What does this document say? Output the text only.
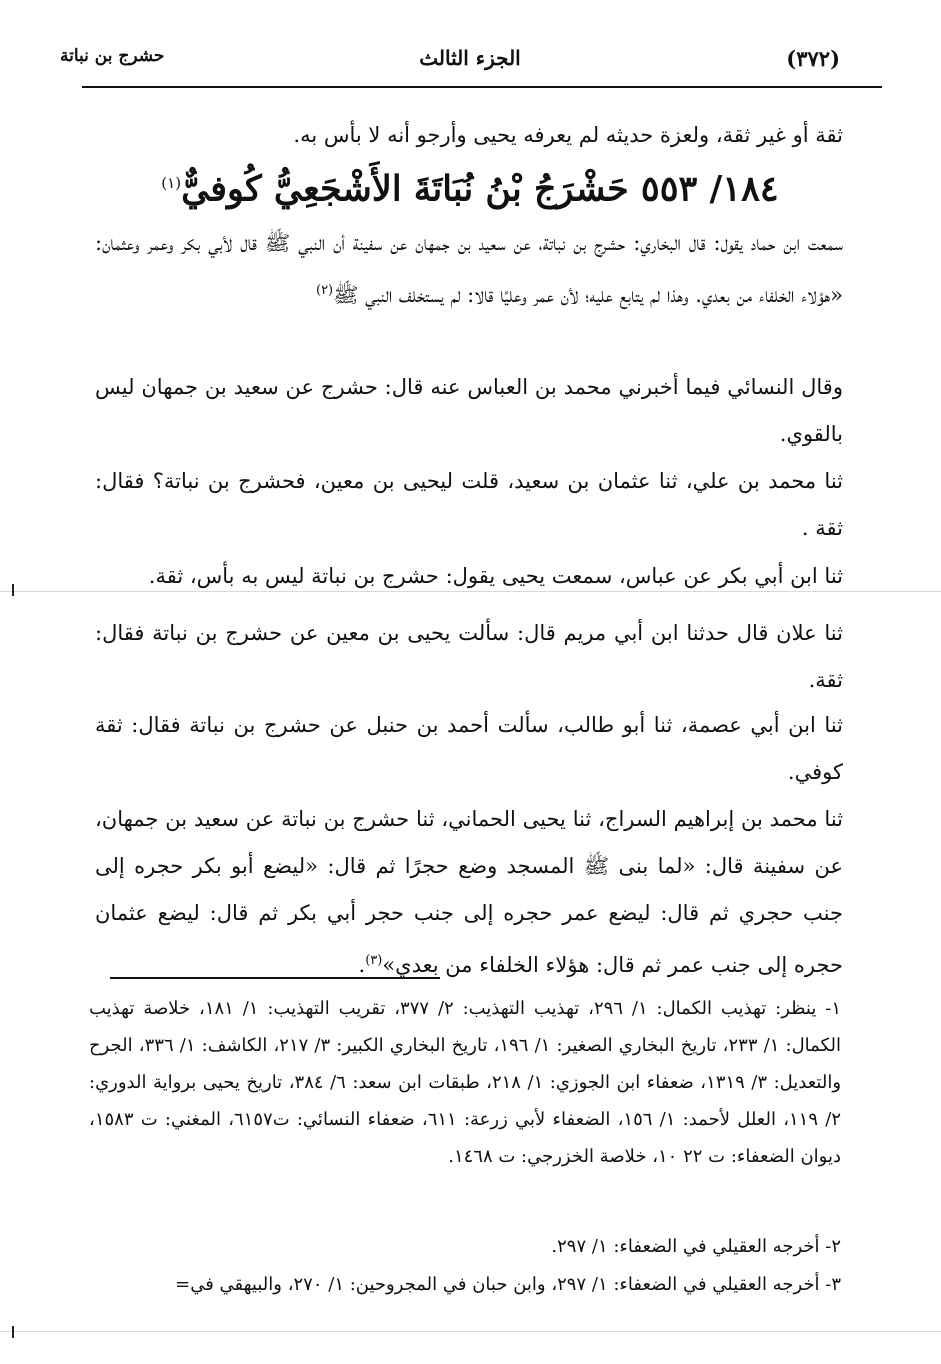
(٣٧٢)
الجزء الثالث
حشرج بن نباتة
ثقة أو غير ثقة، ولعزة حديثه لم يعرفه يحيى وأرجو أنه لا بأس به.
١٨٤/ ٥٥٣ حَشْرَجُ بْنُ نُبَاتَةَ الأَشْجَعِيُّ كُوفيٌّ$^{(١)}$
سمعت ابن حماد يقول: قال البخاري: حشرج بن نباتة، عن سعيد بن جمهان عن سفينة أن النبي ﷺ قال لأبي بكر وعمر وعثمان: «هؤلاء الخلفاء من بعدي. وهذا لم يتابع عليه؛ لأن عمر وعليًا قالا: لم يستخلف النبي ﷺ$^{(٢)}$
وقال النسائي فيما أخبرني محمد بن العباس عنه قال: حشرج عن سعيد بن جمهان ليس بالقوي.
ثنا محمد بن علي، ثنا عثمان بن سعيد، قلت ليحيى بن معين، فحشرج بن نباتة؟ فقال: ثقة .
ثنا ابن أبي بكر عن عباس، سمعت يحيى يقول: حشرج بن نباتة ليس به بأس، ثقة.
ثنا علان قال حدثنا ابن أبي مريم قال: سألت يحيى بن معين عن حشرج بن نباتة فقال: ثقة.
ثنا ابن أبي عصمة، ثنا أبو طالب، سألت أحمد بن حنبل عن حشرج بن نباتة فقال: ثقة كوفي.
ثنا محمد بن إبراهيم السراج، ثنا يحيى الحماني، ثنا حشرج بن نباتة عن سعيد بن جمهان، عن سفينة قال: «لما بنى ﷺ المسجد وضع حجرًا ثم قال: «ليضع أبو بكر حجره إلى جنب حجري ثم قال: ليضع عمر حجره إلى جنب حجر أبي بكر ثم قال: ليضع عثمان حجره إلى جنب عمر ثم قال: هؤلاء الخلفاء من بعدي»$^{(٣)}$.
١- ينظر: تهذيب الكمال: ١/ ٢٩٦، تهذيب التهذيب: ٢/ ٣٧٧، تقريب التهذيب: ١/ ١٨١، خلاصة تهذيب الكمال: ١/ ٢٣٣، تاريخ البخاري الصغير: ١/ ١٩٦، تاريخ البخاري الكبير: ٣/ ٢١٧، الكاشف: ١/ ٣٣٦، الجرح والتعديل: ٣/ ١٣١٩، ضعفاء ابن الجوزي: ١/ ٢١٨، طبقات ابن سعد: ٦/ ٣٨٤، تاريخ يحيى برواية الدوري: ٢/ ١١٩، العلل لأحمد: ١/ ١٥٦، الضعفاء لأبي زرعة: ٦١١، ضعفاء النسائي: ت٦١٥٧، المغني: ت ١٥٨٣، ديوان الضعفاء: ت ٢٢ ١٠، خلاصة الخزرجي: ت ١٤٦٨.
٢- أخرجه العقيلي في الضعفاء: ١/ ٢٩٧.
٣- أخرجه العقيلي في الضعفاء: ١/ ٢٩٧، وابن حبان في المجروحين: ١/ ٢٧٠، والبيهقي في=
